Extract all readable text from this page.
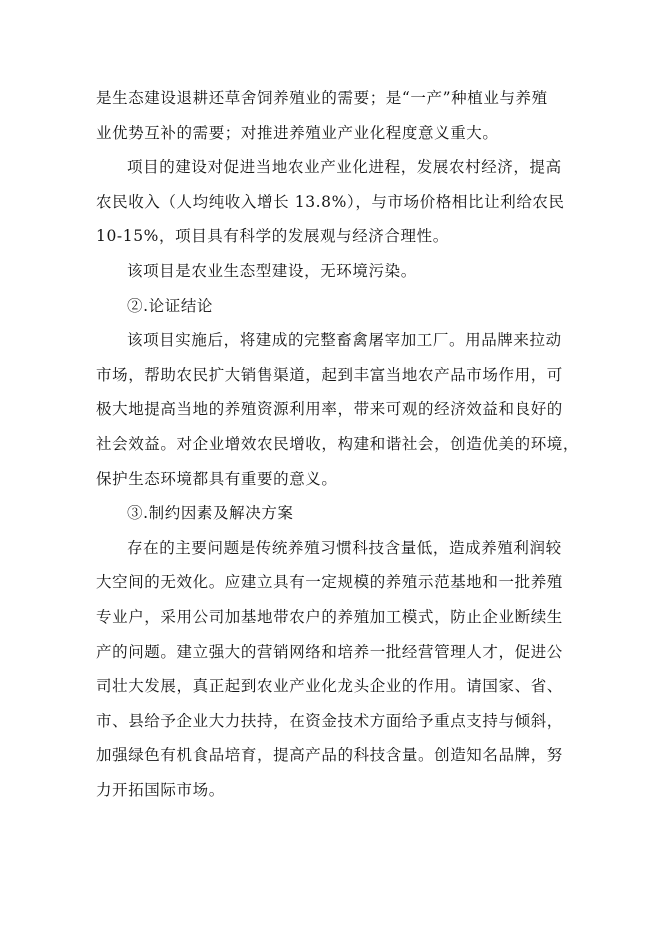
是生态建设退耕还草舍饲养殖业的需要；是“一产”种植业与养殖
业优势互补的需要；对推进养殖业产业化程度意义重大。
项目的建设对促进当地农业产业化进程，发展农村经济，提高
农民收入（人均纯收入增长 13.8%），与市场价格相比让利给农民
10-15%，项目具有科学的发展观与经济合理性。
该项目是农业生态型建设，无环境污染。
②.论证结论
该项目实施后，将建成的完整畜禽屠宰加工厂。用品牌来拉动
市场，帮助农民扩大销售渠道，起到丰富当地农产品市场作用，可
极大地提高当地的养殖资源利用率，带来可观的经济效益和良好的
社会效益。对企业增效农民增收，构建和谐社会，创造优美的环境，
保护生态环境都具有重要的意义。
③.制约因素及解决方案
存在的主要问题是传统养殖习惯科技含量低，造成养殖利润较
大空间的无效化。应建立具有一定规模的养殖示范基地和一批养殖
专业户，采用公司加基地带农户的养殖加工模式，防止企业断续生
产的问题。建立强大的营销网络和培养一批经营管理人才，促进公
司壮大发展，真正起到农业产业化龙头企业的作用。请国家、省、
市、县给予企业大力扶持，在资金技术方面给予重点支持与倾斜，
加强绿色有机食品培育，提高产品的科技含量。创造知名品牌，努
力开拓国际市场。
